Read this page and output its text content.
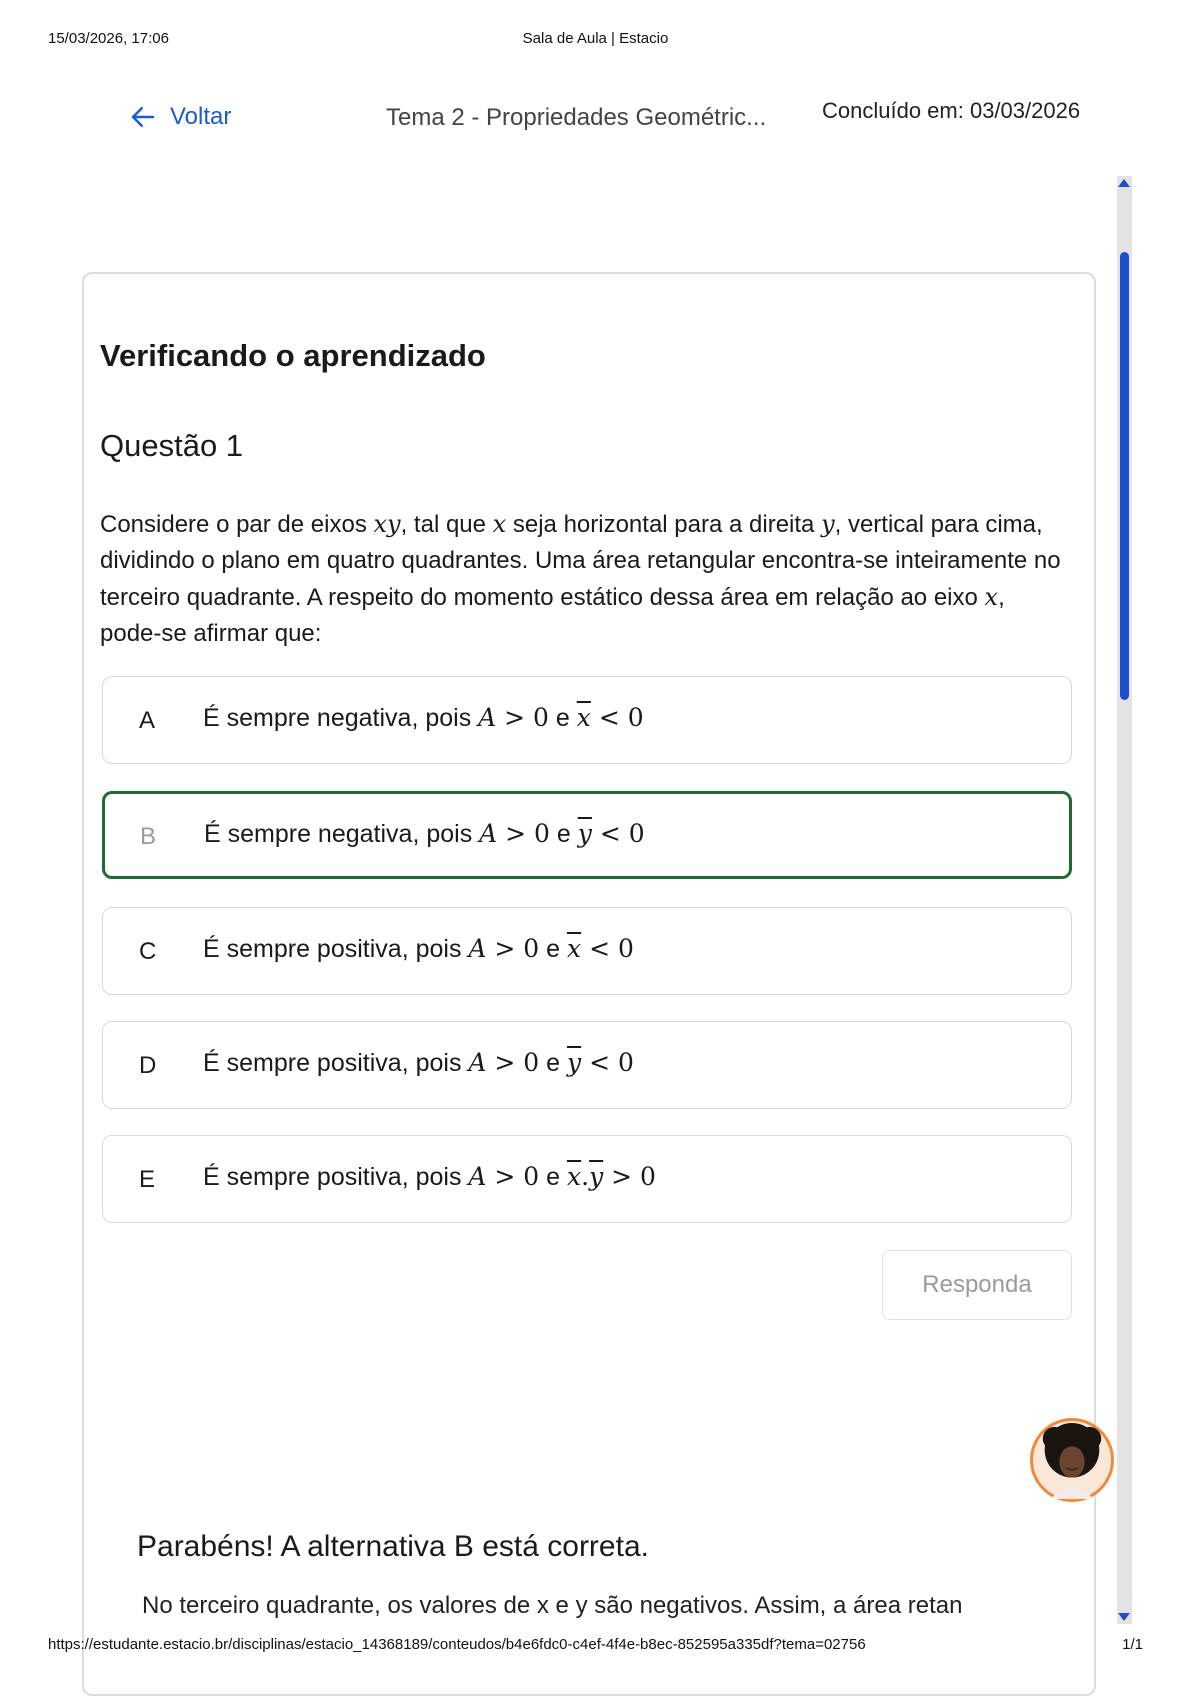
15/03/2026, 17:06	Sala de Aula | Estacio
Voltar	Tema 2 - Propriedades Geométric...	Concluído em: 03/03/2026
Verificando o aprendizado
Questão 1
Considere o par de eixos xy, tal que x seja horizontal para a direita y, vertical para cima, dividindo o plano em quatro quadrantes. Uma área retangular encontra-se inteiramente no terceiro quadrante. A respeito do momento estático dessa área em relação ao eixo x, pode-se afirmar que:
A É sempre negativa, pois A > 0 e $\overline{x} < 0$
B É sempre negativa, pois A > 0 e $\overline{y} < 0$
C É sempre positiva, pois A > 0 e $\overline{x} < 0$
D É sempre positiva, pois A > 0 e $\overline{y} < 0$
E É sempre positiva, pois A > 0 e $\overline{x}.\overline{y} > 0$
Responda
Parabéns! A alternativa B está correta.
No terceiro quadrante, os valores de x e y são negativos. Assim, a área retan
https://estudante.estacio.br/disciplinas/estacio_14368189/conteudos/b4e6fdc0-c4ef-4f4e-b8ec-852595a335df?tema=02756	1/1
